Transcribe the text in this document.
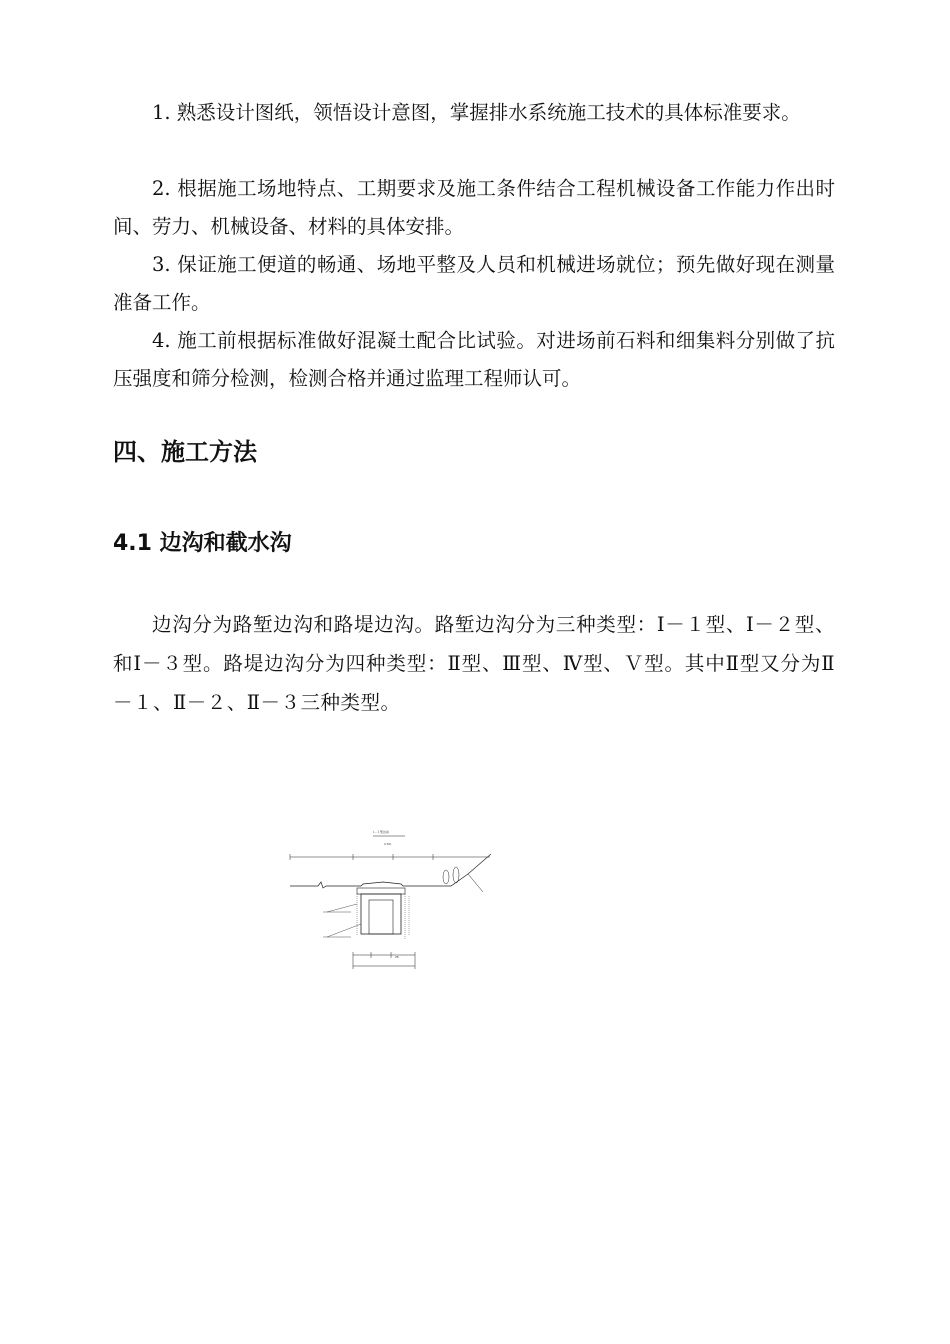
1. 熟悉设计图纸，领悟设计意图，掌握排水系统施工技术的具体标准要求。

2. 根据施工场地特点、工期要求及施工条件结合工程机械设备工作能力作出时间、劳力、机械设备、材料的具体安排。

3. 保证施工便道的畅通、场地平整及人员和机械进场就位；预先做好现在测量准备工作。

4. 施工前根据标准做好混凝土配合比试验。对进场前石料和细集料分别做了抗压强度和筛分检测，检测合格并通过监理工程师认可。

四、施工方法
4.1 边沟和截水沟

边沟分为路堑边沟和路堤边沟。路堑边沟分为三种类型：Ⅰ－１型、Ⅰ－２型、和Ⅰ－３型。路堤边沟分为四种类型：Ⅱ型、Ⅲ型、Ⅳ型、Ｖ型。其中Ⅱ型又分为Ⅱ－１、Ⅱ－２、Ⅱ－３三种类型。

Ⅰ－１型边沟
1:50
25
